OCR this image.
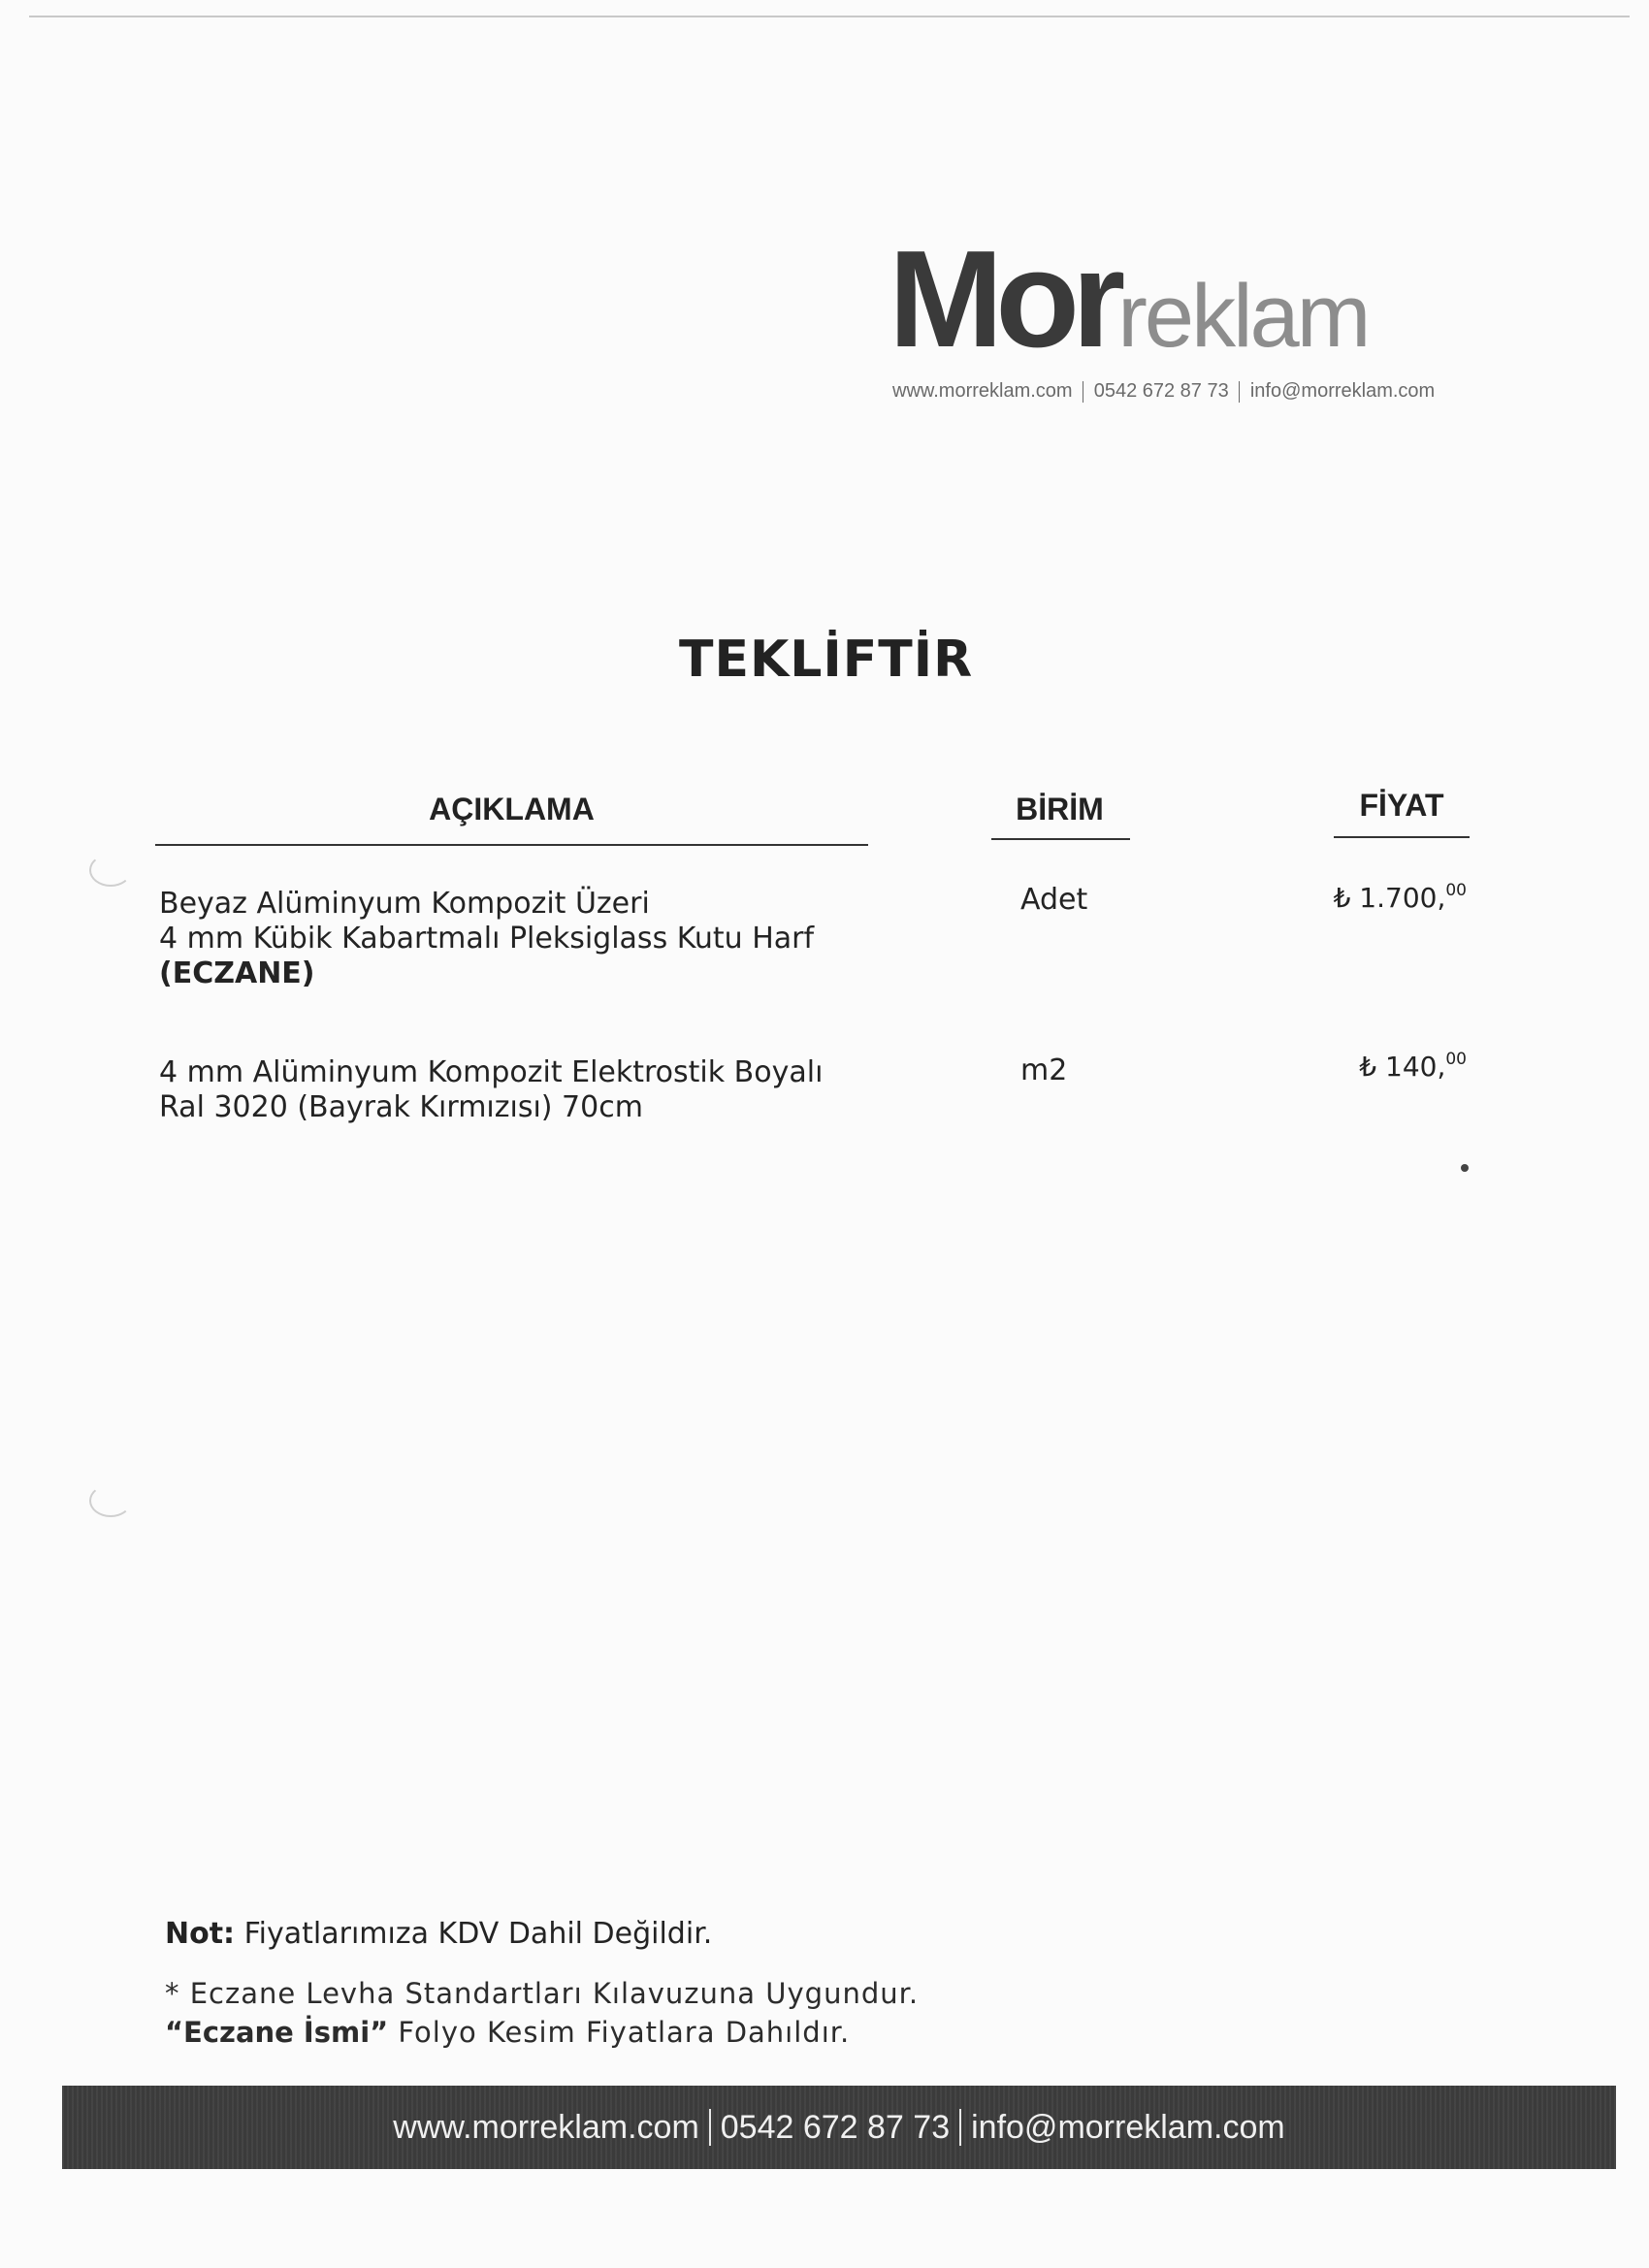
Morreklam
www.morreklam.com 0542 672 87 73 info@morreklam.com
TEKLİFTİR
AÇIKLAMA	BİRİM	FİYAT
Beyaz Alüminyum Kompozit Üzeri
4 mm Kübik Kabartmalı Pleksiglass Kutu Harf
(ECZANE)
Adet	₺ 1.700,00
4 mm Alüminyum Kompozit Elektrostik Boyalı
Ral 3020 (Bayrak Kırmızısı) 70cm
m2	₺ 140,00
Not: Fiyatlarımıza KDV Dahil Değildir.
* Eczane Levha Standartları Kılavuzuna Uygundur.
“Eczane İsmi” Folyo Kesim Fiyatlara Dahıldır.
www.morreklam.com 0542 672 87 73 info@morreklam.com
